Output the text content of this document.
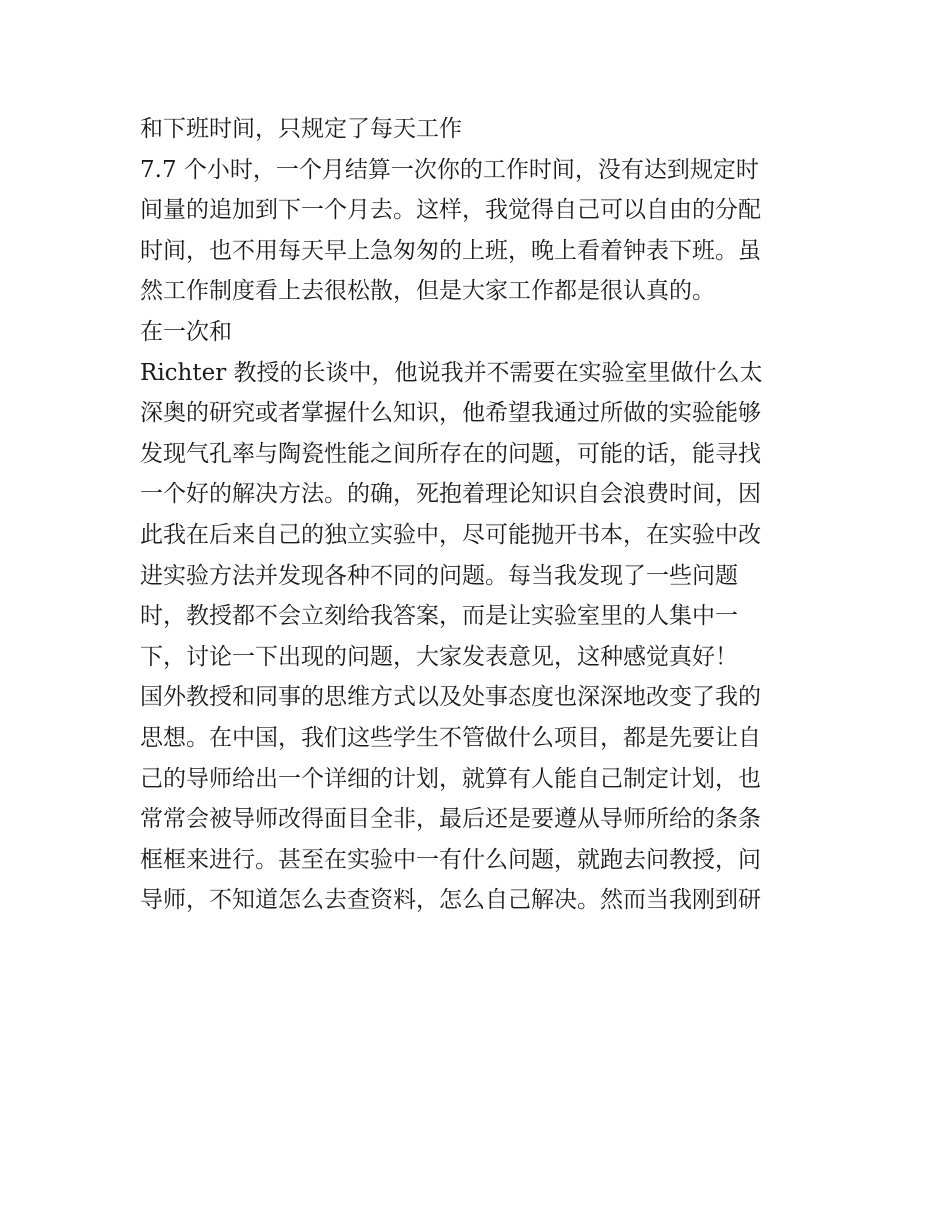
和下班时间，只规定了每天工作
7.7 个小时，一个月结算一次你的工作时间，没有达到规定时
间量的追加到下一个月去。这样，我觉得自己可以自由的分配
时间，也不用每天早上急匆匆的上班，晚上看着钟表下班。虽
然工作制度看上去很松散，但是大家工作都是很认真的。
在一次和
Richter 教授的长谈中，他说我并不需要在实验室里做什么太
深奥的研究或者掌握什么知识，他希望我通过所做的实验能够
发现气孔率与陶瓷性能之间所存在的问题，可能的话，能寻找
一个好的解决方法。的确，死抱着理论知识自会浪费时间，因
此我在后来自己的独立实验中，尽可能抛开书本，在实验中改
进实验方法并发现各种不同的问题。每当我发现了一些问题
时，教授都不会立刻给我答案，而是让实验室里的人集中一
下，讨论一下出现的问题，大家发表意见，这种感觉真好！
国外教授和同事的思维方式以及处事态度也深深地改变了我的
思想。在中国，我们这些学生不管做什么项目，都是先要让自
己的导师给出一个详细的计划，就算有人能自己制定计划，也
常常会被导师改得面目全非，最后还是要遵从导师所给的条条
框框来进行。甚至在实验中一有什么问题，就跑去问教授，问
导师，不知道怎么去查资料，怎么自己解决。然而当我刚到研
